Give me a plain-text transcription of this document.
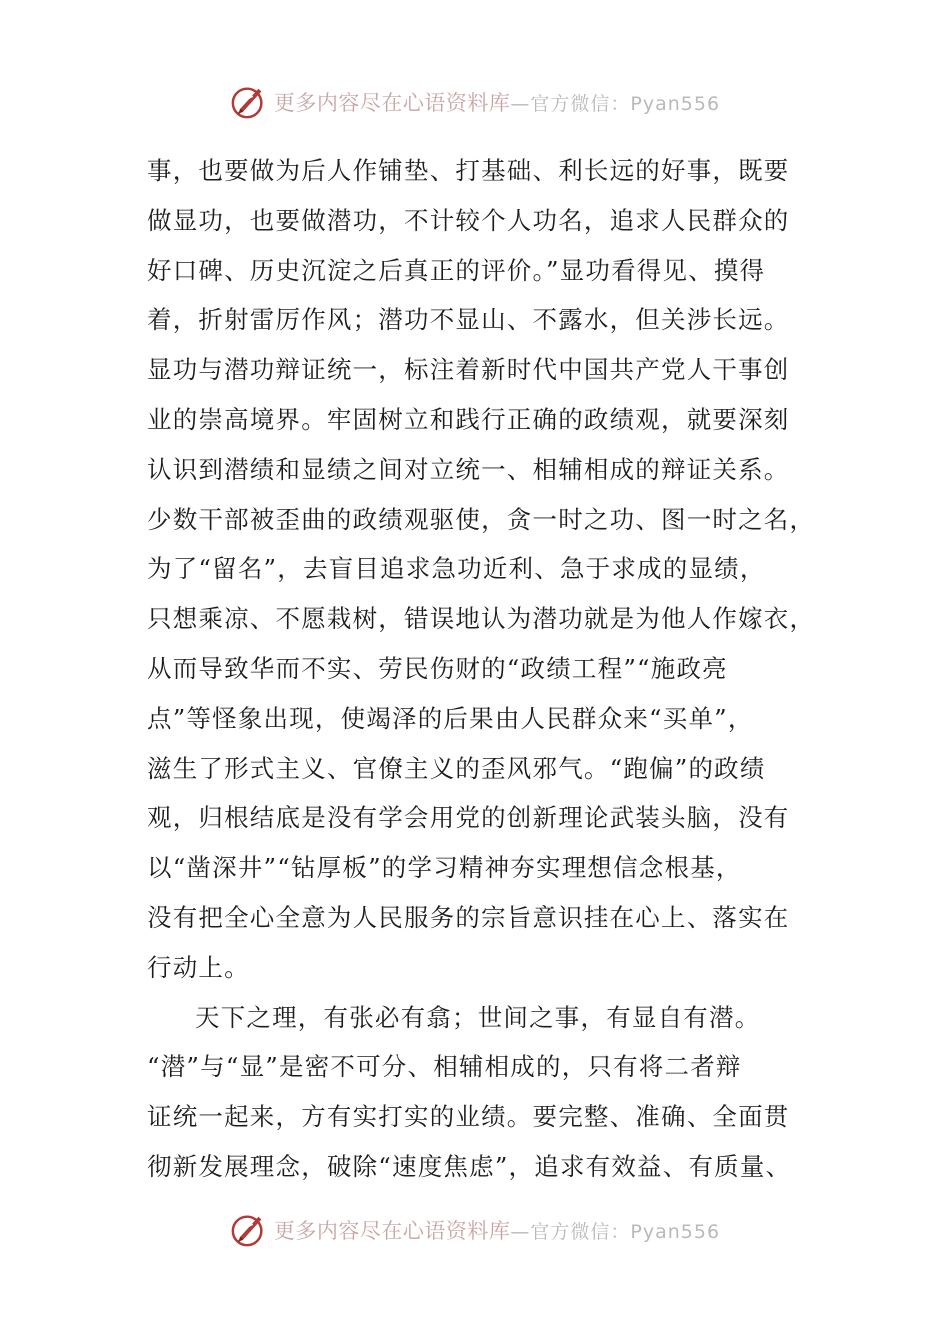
更多内容尽在心语资料库 —官方微信：Pyan556
事，也要做为后人作铺垫、打基础、利长远的好事，既要
做显功，也要做潜功，不计较个人功名，追求人民群众的
好口碑、历史沉淀之后真正的评价。”显功看得见、摸得
着，折射雷厉作风；潜功不显山、不露水，但关涉长远。
显功与潜功辩证统一，标注着新时代中国共产党人干事创
业的崇高境界。牢固树立和践行正确的政绩观，就要深刻
认识到潜绩和显绩之间对立统一、相辅相成的辩证关系。
少数干部被歪曲的政绩观驱使，贪一时之功、图一时之名，
为了“留名”，去盲目追求急功近利、急于求成的显绩，
只想乘凉、不愿栽树，错误地认为潜功就是为他人作嫁衣，
从而导致华而不实、劳民伤财的“政绩工程”“施政亮
点”等怪象出现，使竭泽的后果由人民群众来“买单”，
滋生了形式主义、官僚主义的歪风邪气。“跑偏”的政绩
观，归根结底是没有学会用党的创新理论武装头脑，没有
以“凿深井”“钻厚板”的学习精神夯实理想信念根基，
没有把全心全意为人民服务的宗旨意识挂在心上、落实在
行动上。
天下之理，有张必有翕；世间之事，有显自有潜。
“潜”与“显”是密不可分、相辅相成的，只有将二者辩
证统一起来，方有实打实的业绩。要完整、准确、全面贯
彻新发展理念，破除“速度焦虑”，追求有效益、有质量、
更多内容尽在心语资料库 —官方微信：Pyan556
